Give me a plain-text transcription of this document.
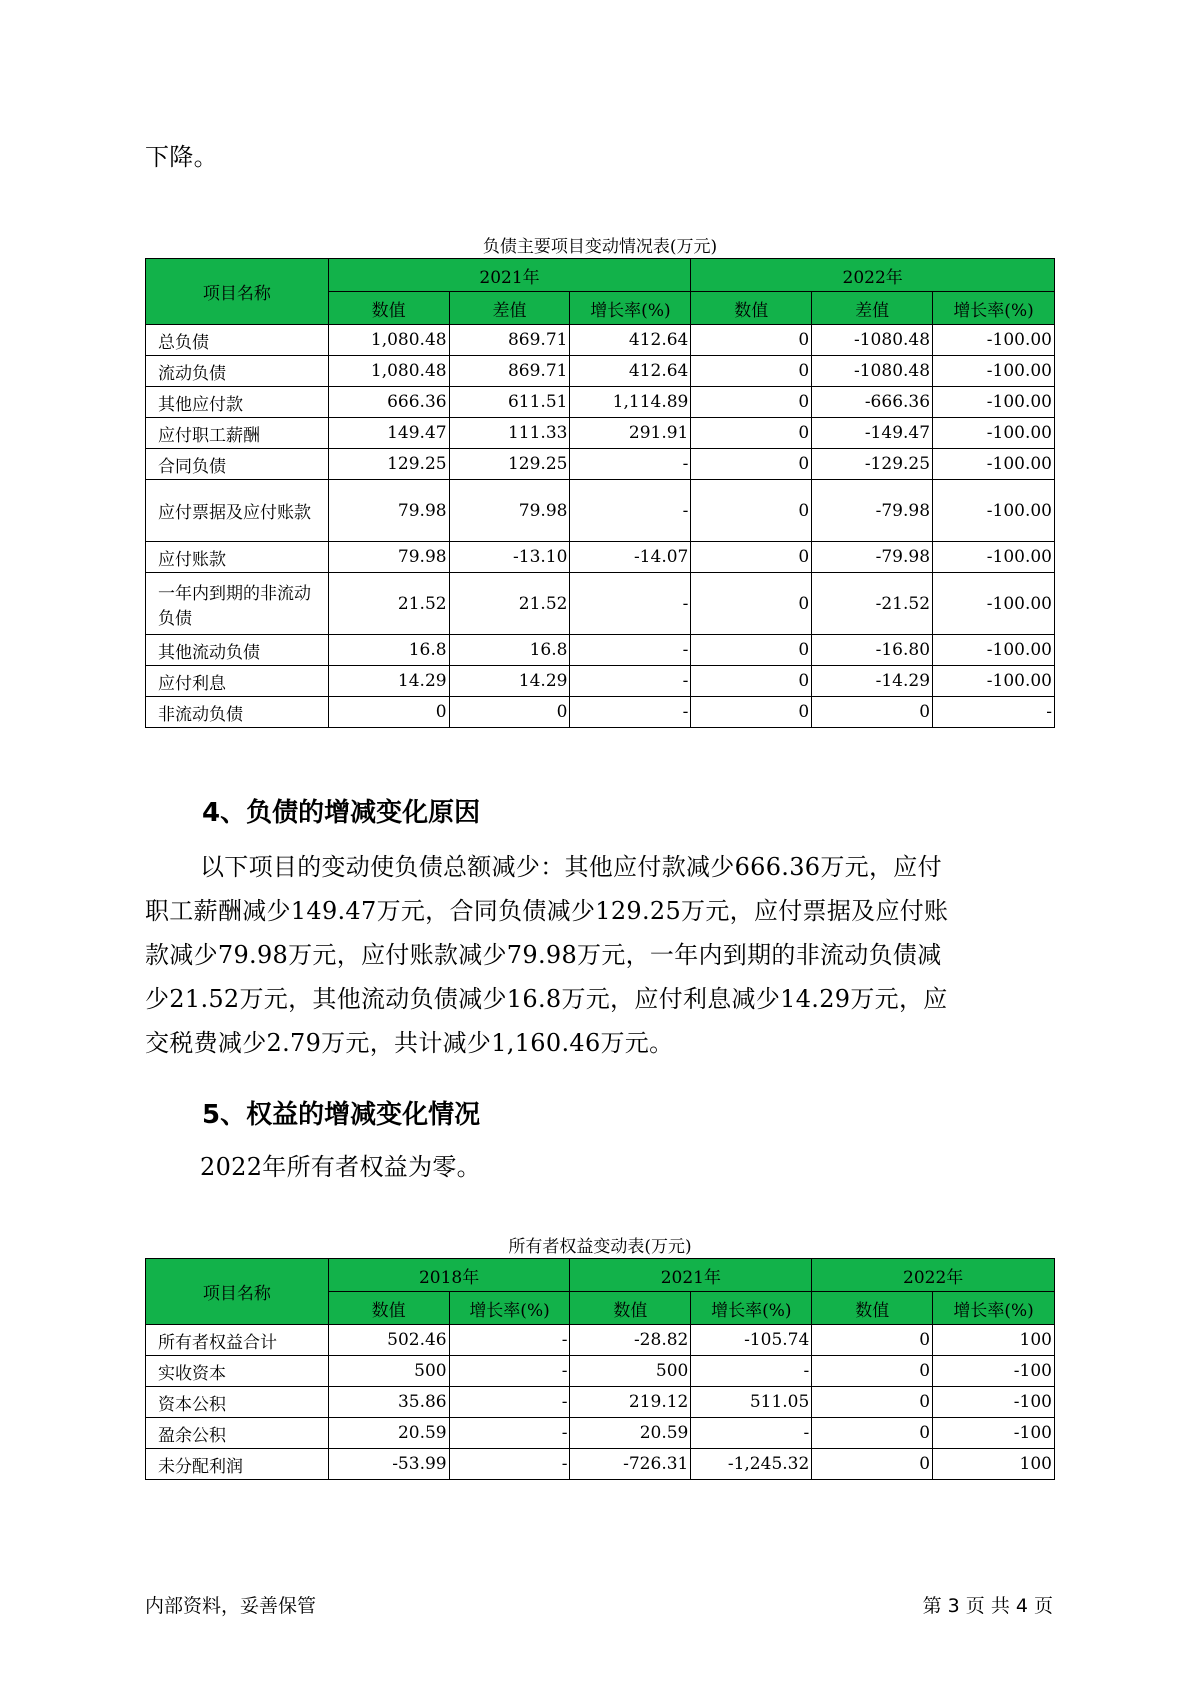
下降。
负债主要项目变动情况表(万元)
项目名称	2021年			2022年		
	数值	差值	增长率(%)	数值	差值	增长率(%)
总负债	1,080.48	869.71	412.64	0	-1080.48	-100.00
流动负债	1,080.48	869.71	412.64	0	-1080.48	-100.00
其他应付款	666.36	611.51	1,114.89	0	-666.36	-100.00
应付职工薪酬	149.47	111.33	291.91	0	-149.47	-100.00
合同负债	129.25	129.25	-	0	-129.25	-100.00
应付票据及应付账款	79.98	79.98	-	0	-79.98	-100.00
应付账款	79.98	-13.10	-14.07	0	-79.98	-100.00
一年内到期的非流动负债	21.52	21.52	-	0	-21.52	-100.00
其他流动负债	16.8	16.8	-	0	-16.80	-100.00
应付利息	14.29	14.29	-	0	-14.29	-100.00
非流动负债	0	0	-	0	0	-
4、负债的增减变化原因
以下项目的变动使负债总额减少：其他应付款减少666.36万元，应付
职工薪酬减少149.47万元，合同负债减少129.25万元，应付票据及应付账
款减少79.98万元，应付账款减少79.98万元，一年内到期的非流动负债减
少21.52万元，其他流动负债减少16.8万元，应付利息减少14.29万元，应
交税费减少2.79万元，共计减少1,160.46万元。
5、权益的增减变化情况
2022年所有者权益为零。
所有者权益变动表(万元)
项目名称	2018年		2021年		2022年	
	数值	增长率(%)	数值	增长率(%)	数值	增长率(%)
所有者权益合计	502.46	-	-28.82	-105.74	0	100
实收资本	500	-	500	-	0	-100
资本公积	35.86	-	219.12	511.05	0	-100
盈余公积	20.59	-	20.59	-	0	-100
未分配利润	-53.99	-	-726.31	-1,245.32	0	100
内部资料，妥善保管	第 3 页 共 4 页
